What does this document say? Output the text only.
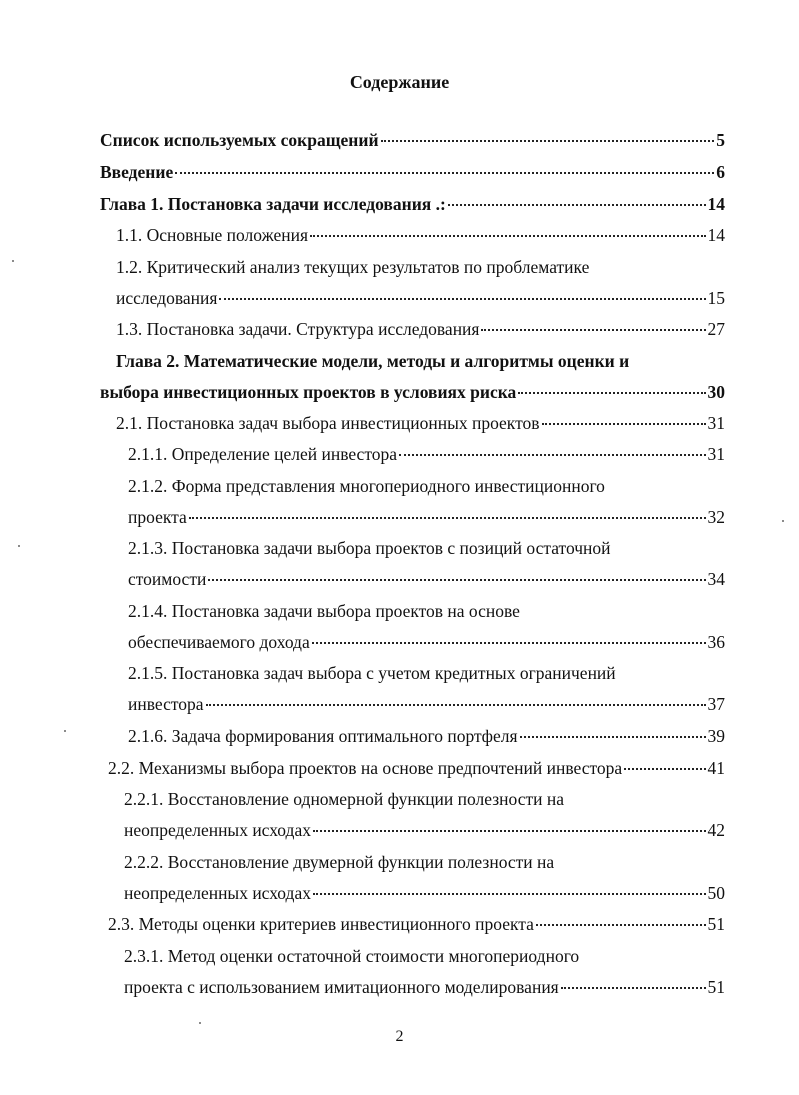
Содержание
Список используемых сокращений	5
Введение	6
Глава 1. Постановка задачи исследования .:	14
1.1. Основные положения	14
1.2. Критический анализ текущих результатов по проблематике
исследования	15
1.3. Постановка задачи. Структура исследования	27
Глава 2. Математические модели, методы и алгоритмы оценки и
выбора инвестиционных проектов в условиях риска	30
2.1. Постановка задач выбора инвестиционных проектов	31
2.1.1. Определение целей инвестора	31
2.1.2. Форма представления многопериодного инвестиционного
проекта	32
2.1.3. Постановка задачи выбора проектов с позиций остаточной
стоимости	34
2.1.4. Постановка задачи выбора проектов на основе
обеспечиваемого дохода	36
2.1.5. Постановка задач выбора с учетом кредитных ограничений
инвестора	37
2.1.6. Задача формирования оптимального портфеля	39
2.2. Механизмы выбора проектов на основе предпочтений инвестора	41
2.2.1. Восстановление одномерной функции полезности на
неопределенных исходах	42
2.2.2. Восстановление двумерной функции полезности на
неопределенных исходах	50
2.3. Методы оценки критериев инвестиционного проекта	51
2.3.1. Метод оценки остаточной стоимости многопериодного
проекта с использованием имитационного моделирования	51
2
